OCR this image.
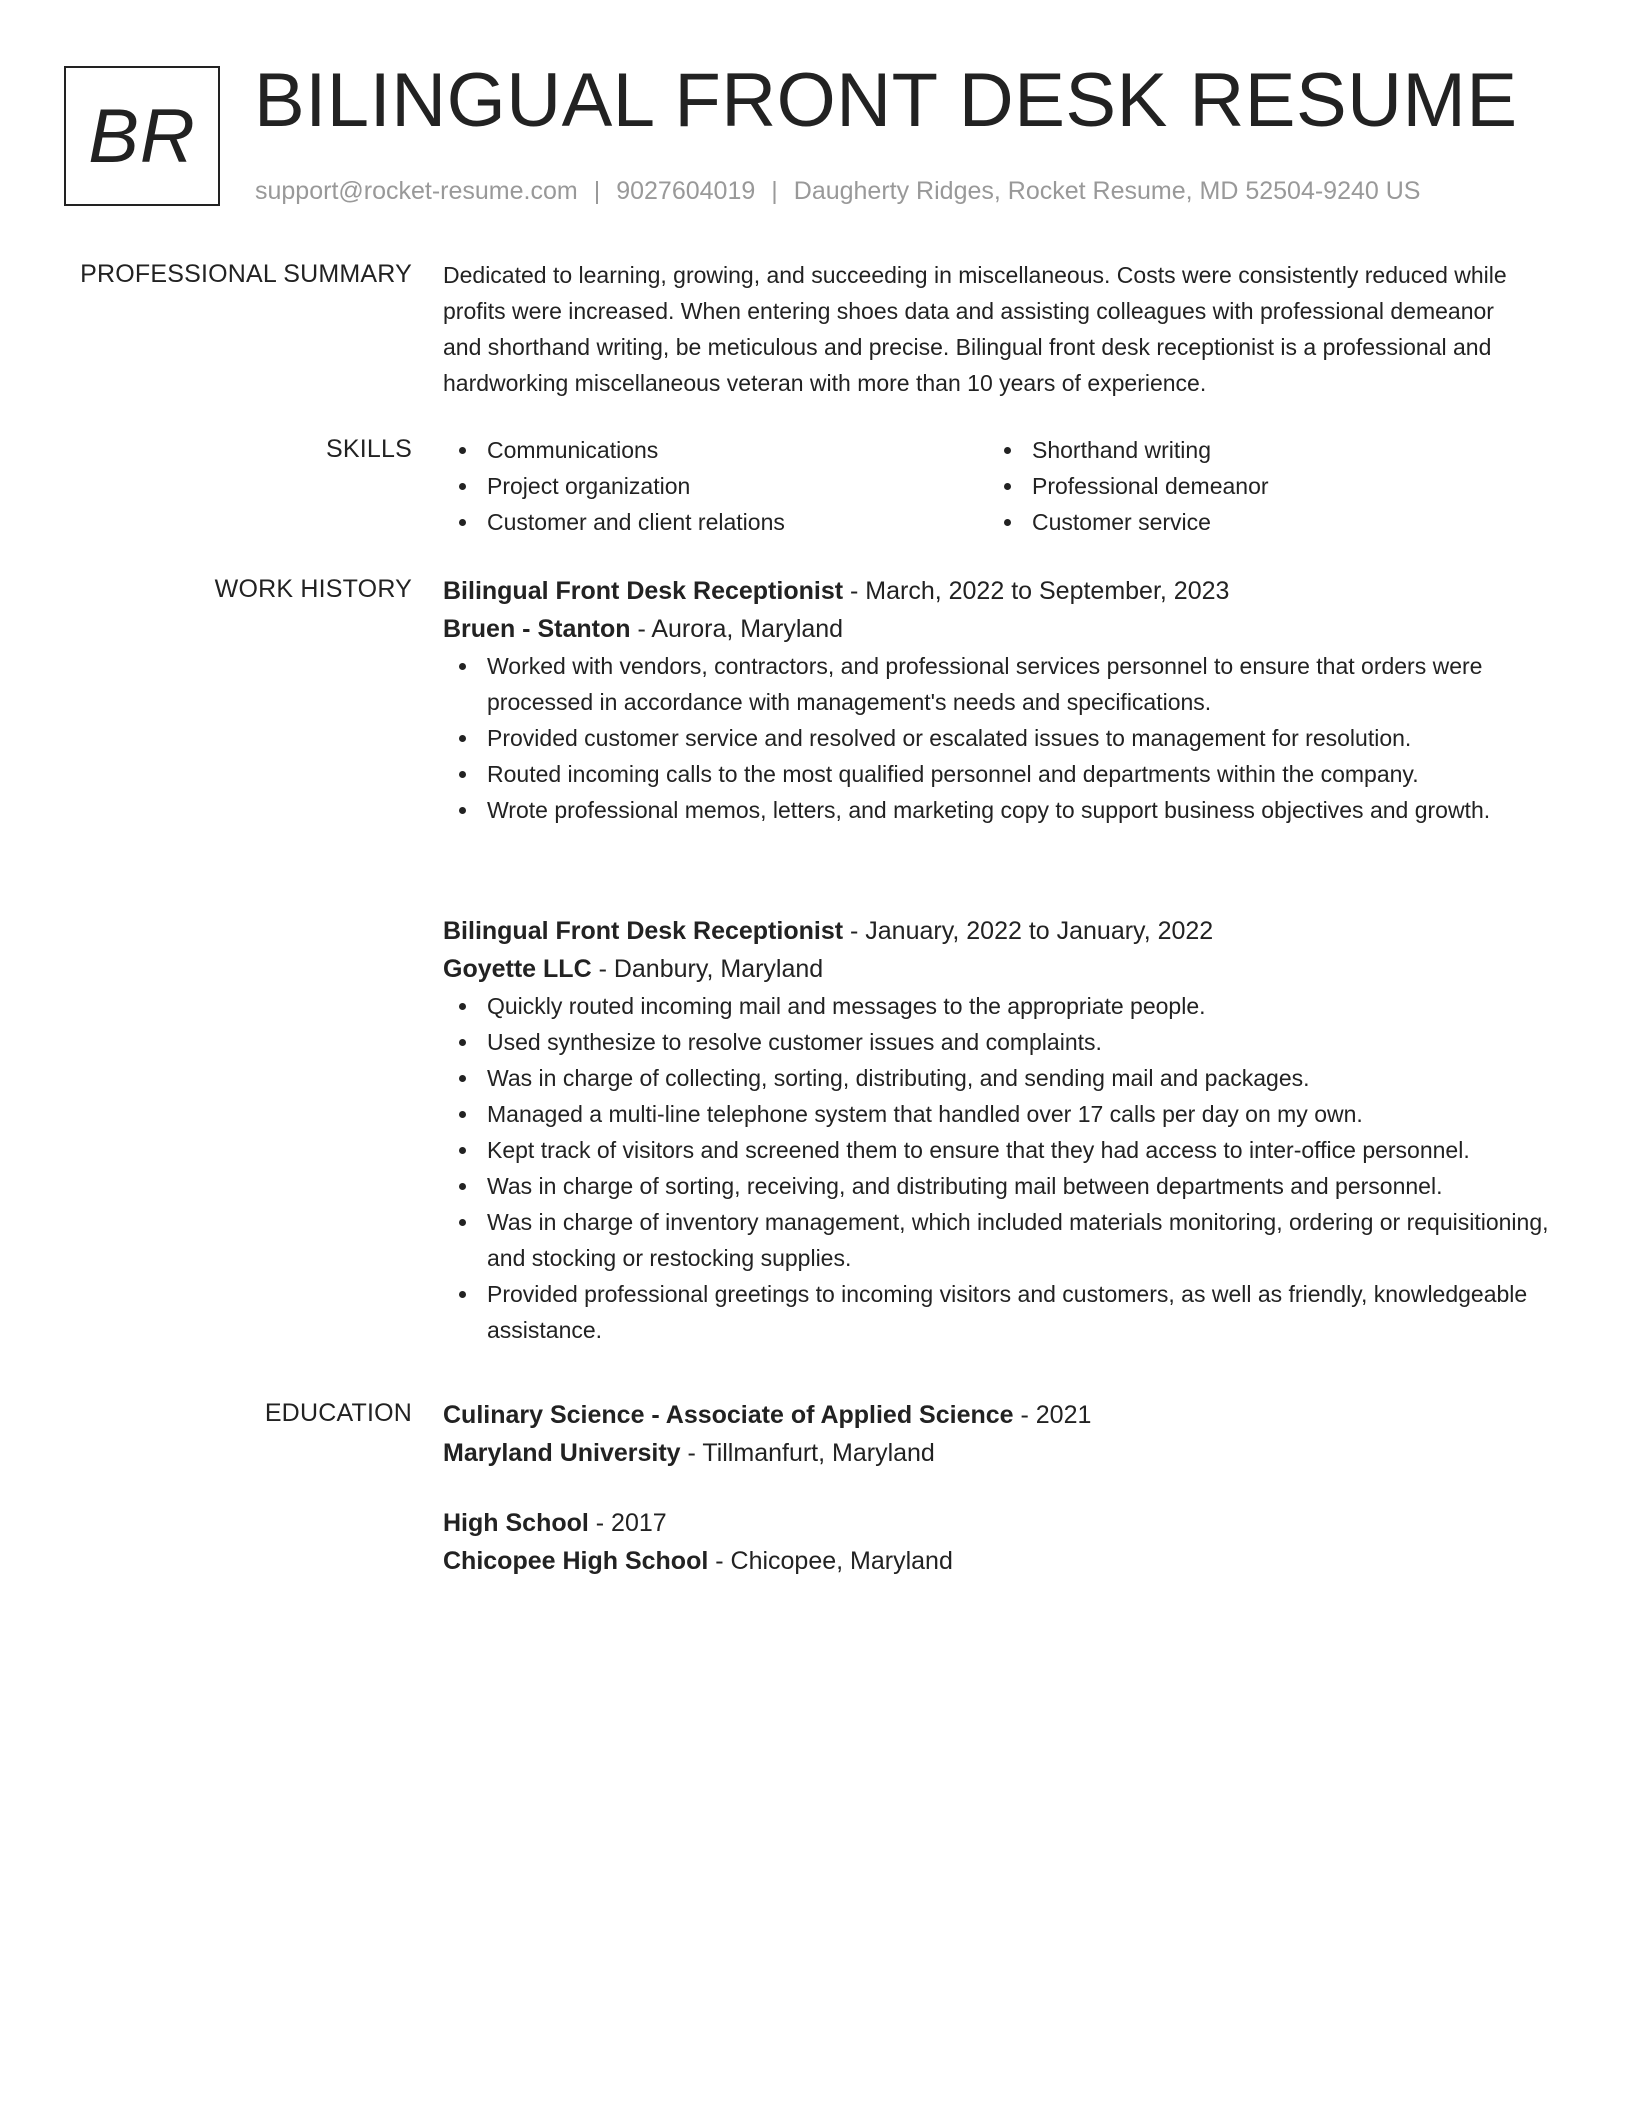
BR BILINGUAL FRONT DESK RESUME
support@rocket-resume.com | 9027604019 | Daugherty Ridges, Rocket Resume, MD 52504-9240 US
PROFESSIONAL SUMMARY Dedicated to learning, growing, and succeeding in miscellaneous. Costs were consistently reduced while profits were increased. When entering shoes data and assisting colleagues with professional demeanor and shorthand writing, be meticulous and precise. Bilingual front desk receptionist is a professional and hardworking miscellaneous veteran with more than 10 years of experience.

SKILLS	Communications
Project organization
Customer and client relations
Shorthand writing
Professional demeanor
Customer service
WORK HISTORY Bilingual Front Desk Receptionist - March, 2022 to September, 2023
Bruen - Stanton - Aurora, Maryland
Worked with vendors, contractors, and professional services personnel to ensure that orders were processed in accordance with management's needs and specifications.
Provided customer service and resolved or escalated issues to management for resolution.
Routed incoming calls to the most qualified personnel and departments within the company.
Wrote professional memos, letters, and marketing copy to support business objectives and growth.
Bilingual Front Desk Receptionist - January, 2022 to January, 2022
Goyette LLC - Danbury, Maryland
Quickly routed incoming mail and messages to the appropriate people.
Used synthesize to resolve customer issues and complaints.
Was in charge of collecting, sorting, distributing, and sending mail and packages.
Managed a multi-line telephone system that handled over 17 calls per day on my own.
Kept track of visitors and screened them to ensure that they had access to inter-office personnel.
Was in charge of sorting, receiving, and distributing mail between departments and personnel.
Was in charge of inventory management, which included materials monitoring, ordering or requisitioning, and stocking or restocking supplies.
Provided professional greetings to incoming visitors and customers, as well as friendly, knowledgeable assistance.
EDUCATION Culinary Science - Associate of Applied Science - 2021
Maryland University - Tillmanfurt, Maryland
High School - 2017
Chicopee High School - Chicopee, Maryland
